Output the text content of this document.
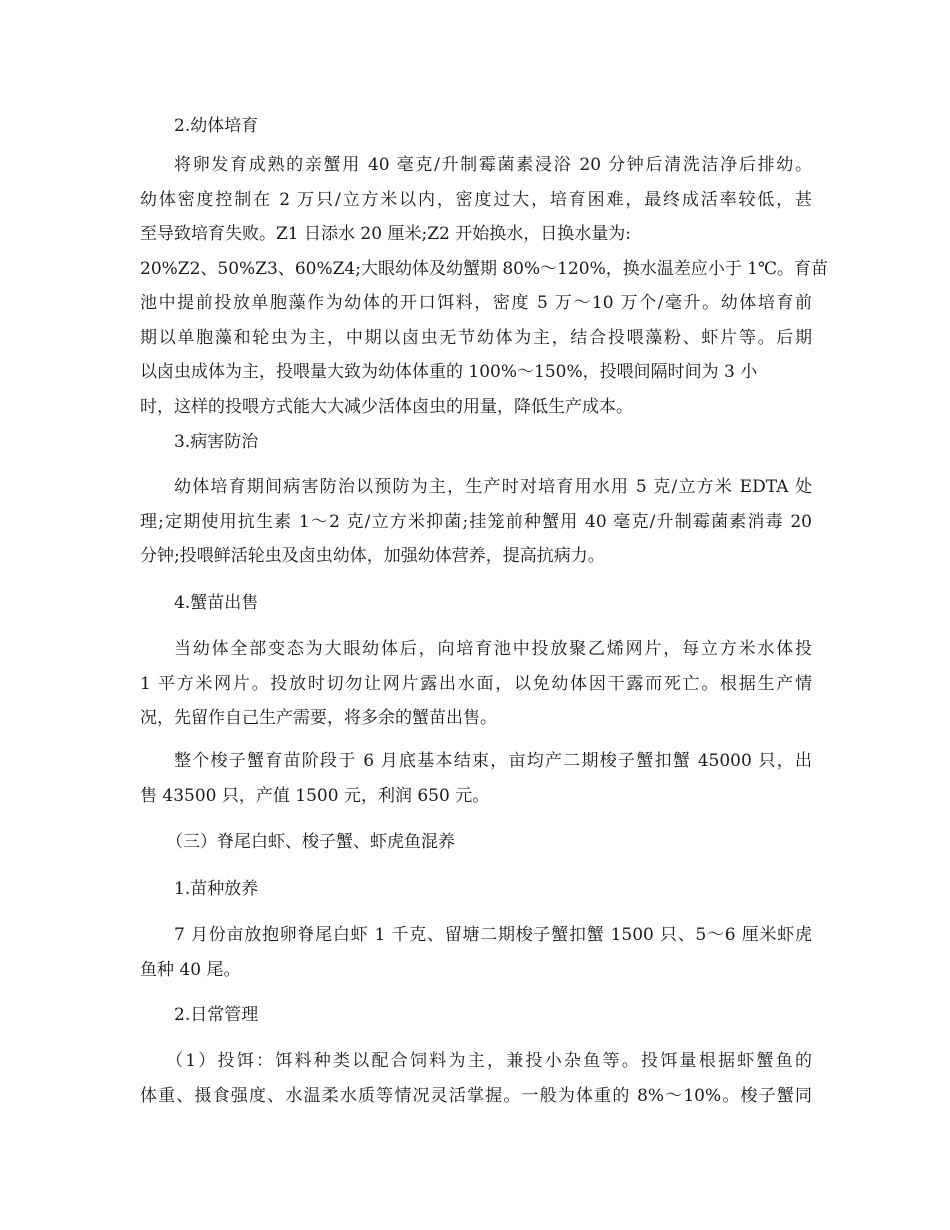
2.幼体培育

将卵发育成熟的亲蟹用 40 毫克/升制霉菌素浸浴 20 分钟后清洗洁净后排幼。
幼体密度控制在 2 万只/立方米以内，密度过大，培育困难，最终成活率较低，甚
至导致培育失败。Z1 日添水 20 厘米;Z2 开始换水，日换水量为:
20%Z2、50%Z3、60%Z4;大眼幼体及幼蟹期 80%～120%，换水温差应小于 1℃。育苗
池中提前投放单胞藻作为幼体的开口饵料，密度 5 万～10 万个/毫升。幼体培育前
期以单胞藻和轮虫为主，中期以卤虫无节幼体为主，结合投喂藻粉、虾片等。后期
以卤虫成体为主，投喂量大致为幼体体重的 100%～150%，投喂间隔时间为 3 小
时，这样的投喂方式能大大减少活体卤虫的用量，降低生产成本。

3.病害防治

幼体培育期间病害防治以预防为主，生产时对培育用水用 5 克/立方米 EDTA 处
理;定期使用抗生素 1～2 克/立方米抑菌;挂笼前种蟹用 40 毫克/升制霉菌素消毒 20
分钟;投喂鲜活轮虫及卤虫幼体，加强幼体营养，提高抗病力。

4.蟹苗出售

当幼体全部变态为大眼幼体后，向培育池中投放聚乙烯网片，每立方米水体投
1 平方米网片。投放时切勿让网片露出水面，以免幼体因干露而死亡。根据生产情
况，先留作自己生产需要，将多余的蟹苗出售。
整个梭子蟹育苗阶段于 6 月底基本结束，亩均产二期梭子蟹扣蟹 45000 只，出
售 43500 只，产值 1500 元，利润 650 元。

（三）脊尾白虾、梭子蟹、虾虎鱼混养

1.苗种放养

7 月份亩放抱卵脊尾白虾 1 千克、留塘二期梭子蟹扣蟹 1500 只、5～6 厘米虾虎
鱼种 40 尾。

2.日常管理

（1）投饵：饵料种类以配合饲料为主，兼投小杂鱼等。投饵量根据虾蟹鱼的
体重、摄食强度、水温柔水质等情况灵活掌握。一般为体重的 8%～10%。梭子蟹同
